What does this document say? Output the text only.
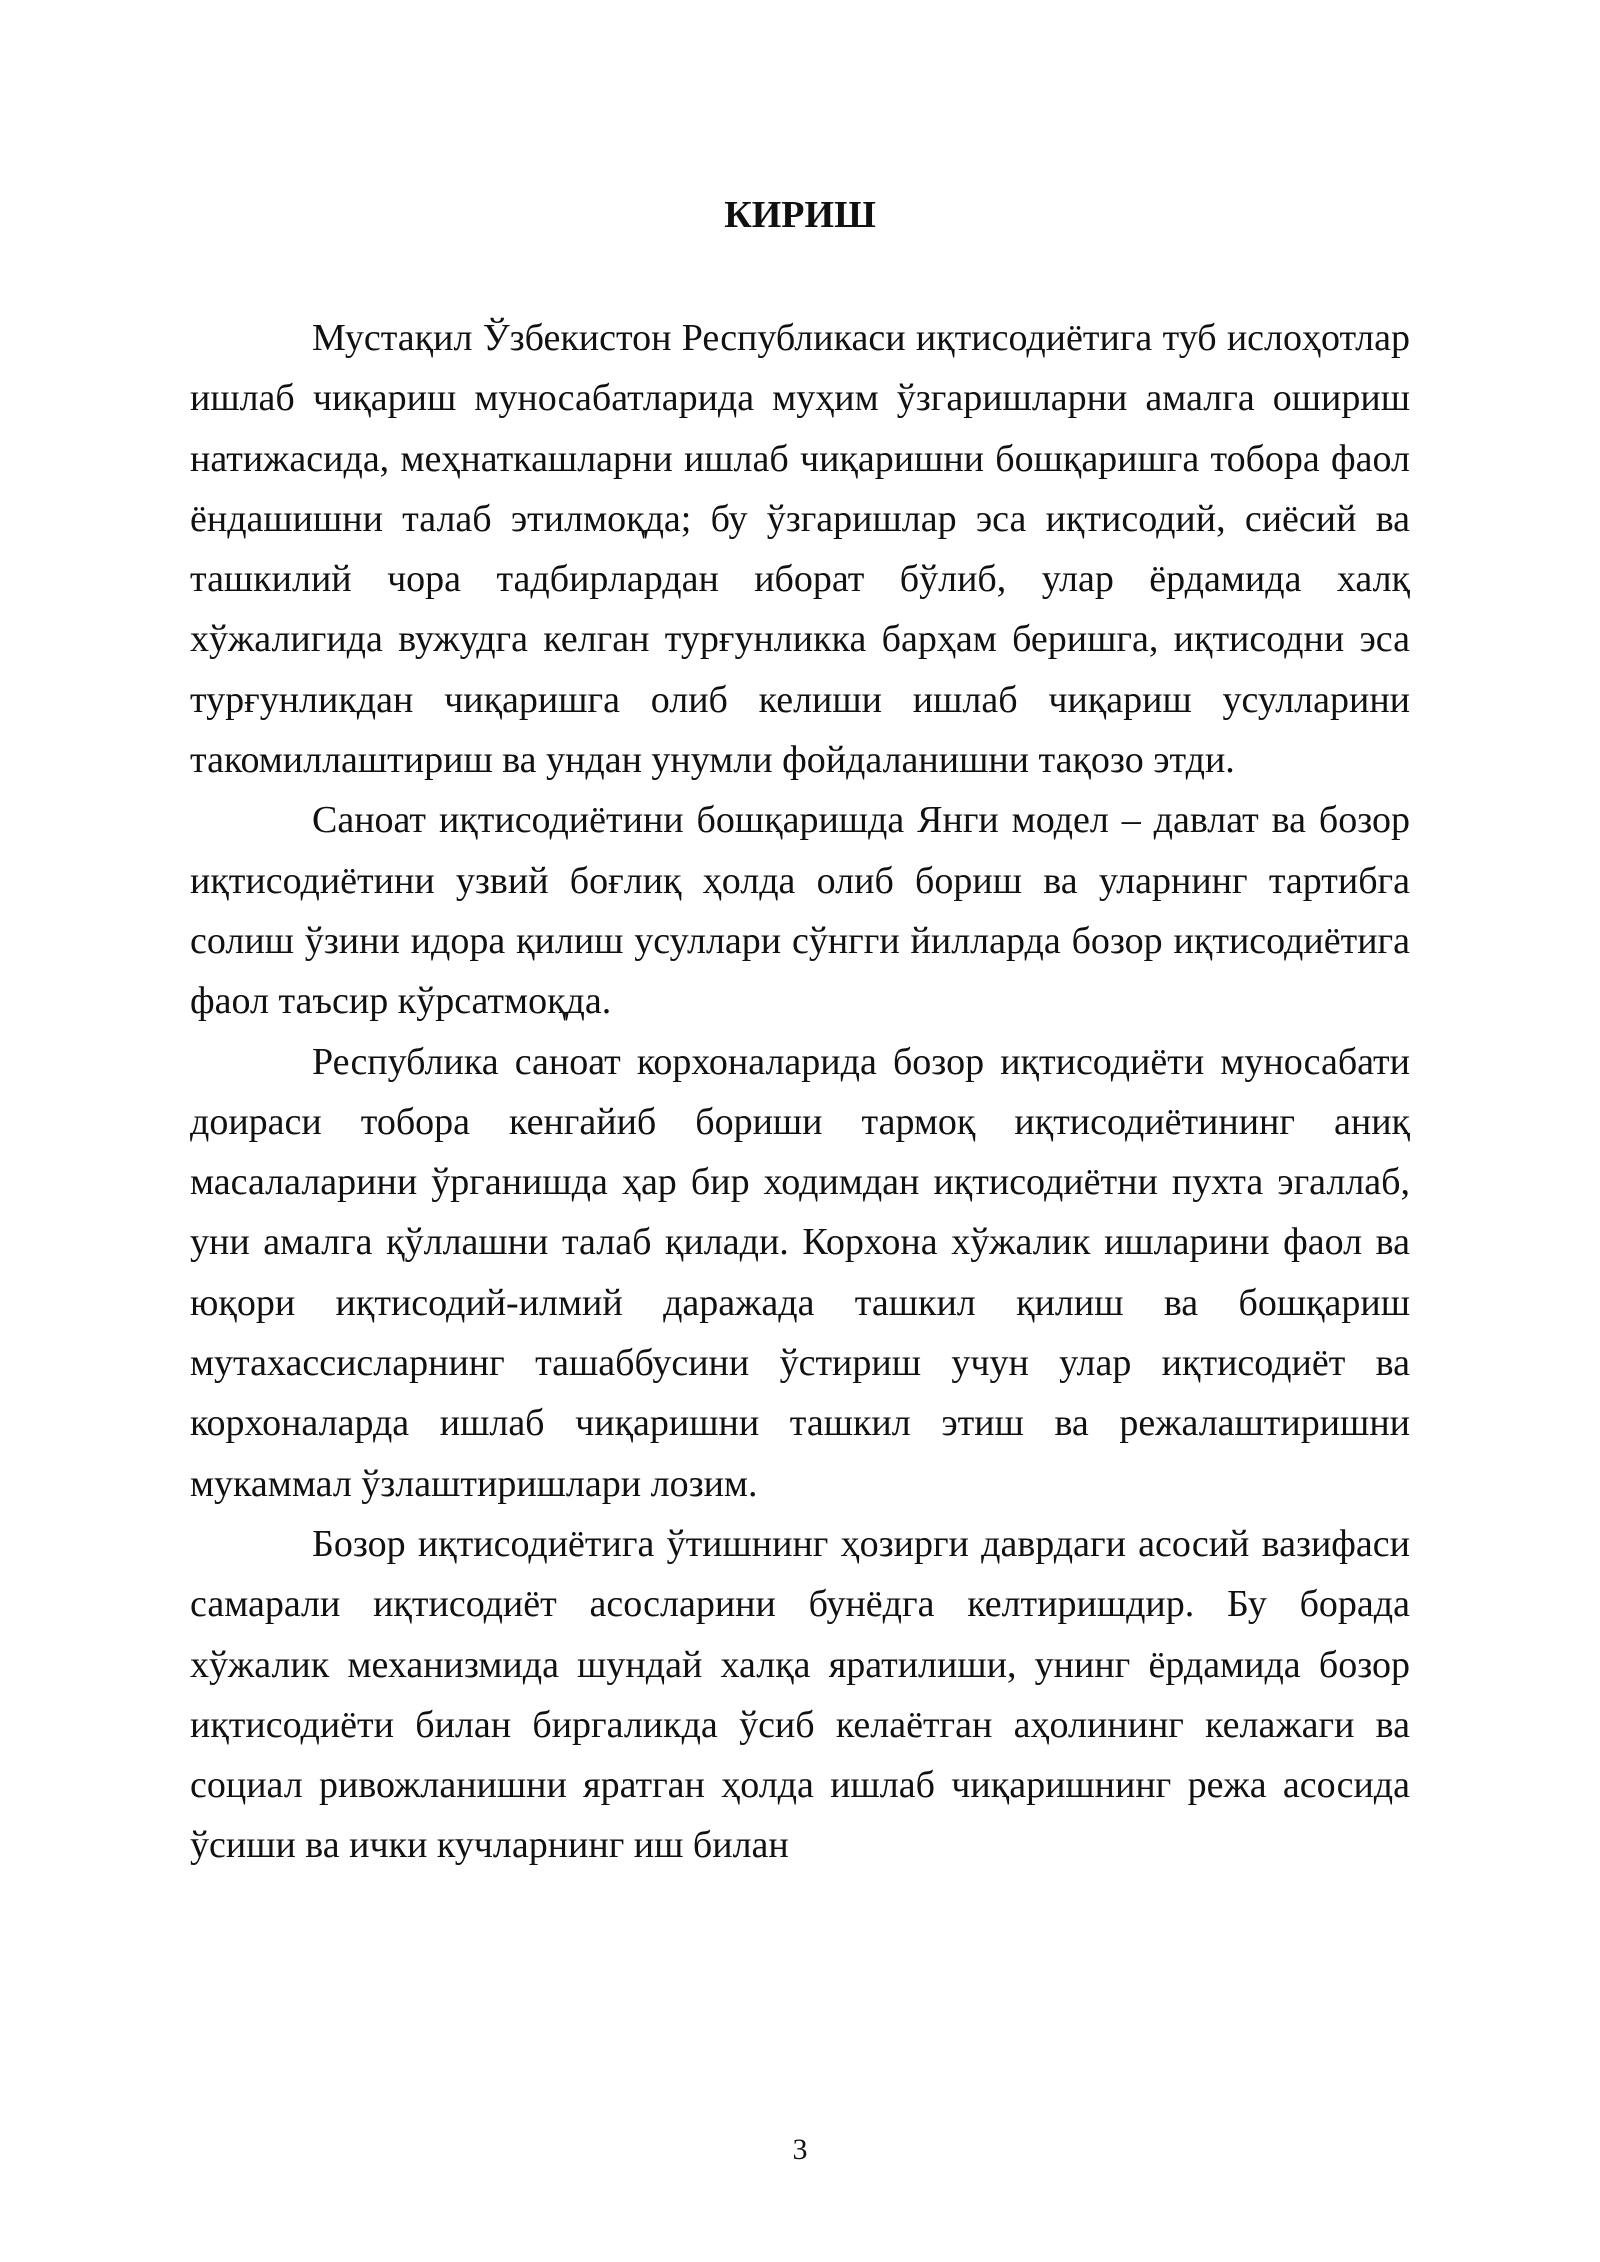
КИРИШ

Мустақил Ўзбекистон Республикаси иқтисодиётига туб ислоҳотлар ишлаб чиқариш муносабатларида муҳим ўзгаришларни амалга ошириш натижасида, меҳнаткашларни ишлаб чиқаришни бошқаришга тобора фаол ёндашишни талаб этилмоқда; бу ўзгаришлар эса иқтисодий, сиёсий ва ташкилий чора тадбирлардан иборат бўлиб, улар ёрдамида халқ хўжалигида вужудга келган турғунликка барҳам беришга, иқтисодни эса турғунликдан чиқаришга олиб келиши ишлаб чиқариш усулларини такомиллаштириш ва ундан унумли фойдаланишни тақозо этди.

Саноат иқтисодиётини бошқаришда Янги модел – давлат ва бозор иқтисодиётини узвий боғлиқ ҳолда олиб бориш ва уларнинг тартибга солиш ўзини идора қилиш усуллари сўнгги йилларда бозор иқтисодиётига фаол таъсир кўрсатмоқда.

Республика саноат корхоналарида бозор иқтисодиёти муносабати доираси тобора кенгайиб бориши тармоқ иқтисодиётининг аниқ масалаларини ўрганишда ҳар бир ходимдан иқтисодиётни пухта эгаллаб, уни амалга қўллашни талаб қилади. Корхона хўжалик ишларини фаол ва юқори иқтисодий-илмий даражада ташкил қилиш ва бошқариш мутахассисларнинг ташаббусини ўстириш учун улар иқтисодиёт ва корхоналарда ишлаб чиқаришни ташкил этиш ва режалаштиришни мукаммал ўзлаштиришлари лозим.

Бозор иқтисодиётига ўтишнинг ҳозирги даврдаги асосий вазифаси самарали иқтисодиёт асосларини бунёдга келтиришдир. Бу борада хўжалик механизмида шундай халқа яратилиши, унинг ёрдамида бозор иқтисодиёти билан биргаликда ўсиб келаётган аҳолининг келажаги ва социал ривожланишни яратган ҳолда ишлаб чиқаришнинг режа асосида ўсиши ва ички кучларнинг иш билан

3
